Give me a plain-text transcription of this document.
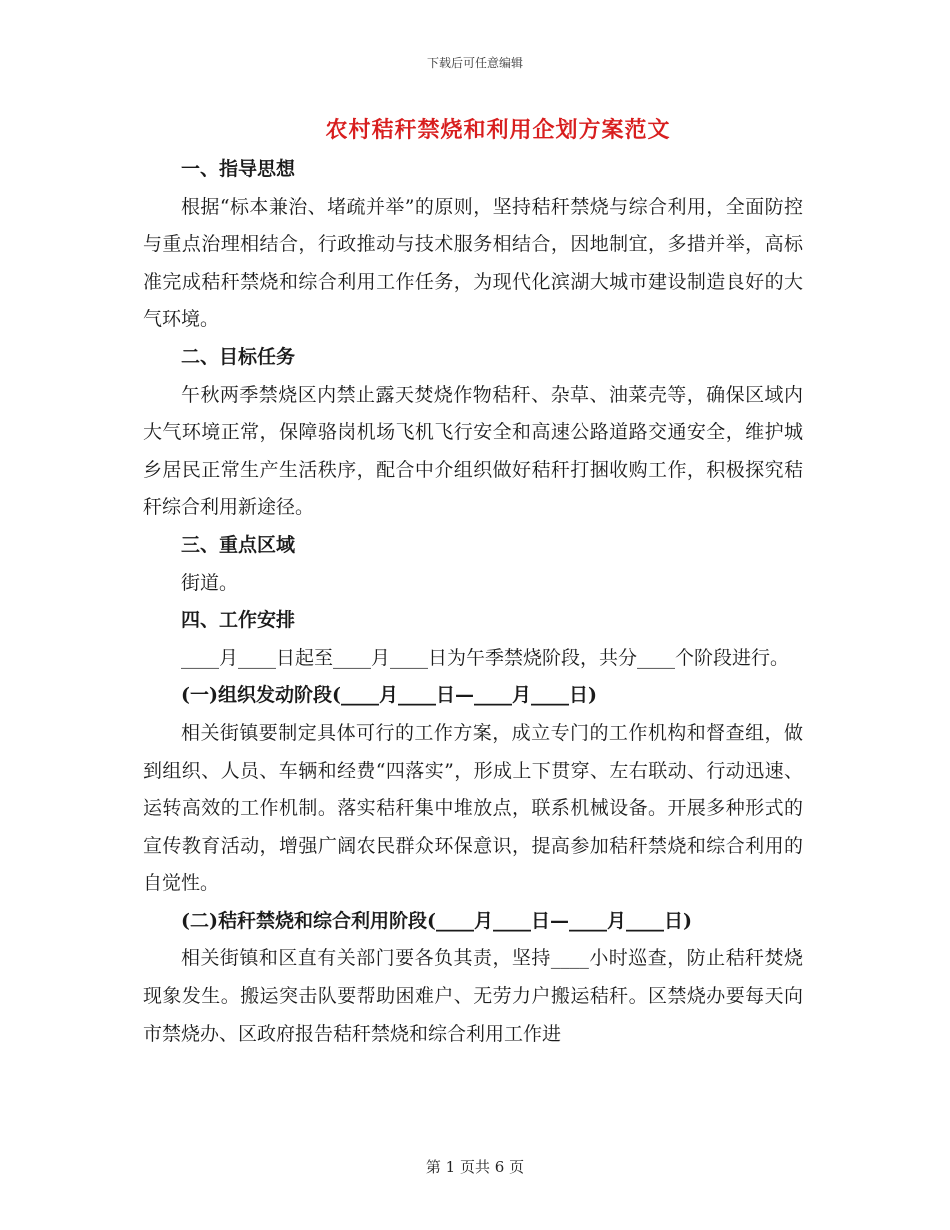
下载后可任意编辑
农村秸秆禁烧和利用企划方案范文
一、指导思想

根据“标本兼治、堵疏并举”的原则，坚持秸秆禁烧与综合利用，全面防控与重点治理相结合，行政推动与技术服务相结合，因地制宜，多措并举，高标准完成秸秆禁烧和综合利用工作任务，为现代化滨湖大城市建设制造良好的大气环境。

二、目标任务

午秋两季禁烧区内禁止露天焚烧作物秸秆、杂草、油菜壳等，确保区域内大气环境正常，保障骆岗机场飞机飞行安全和高速公路道路交通安全，维护城乡居民正常生产生活秩序，配合中介组织做好秸秆打捆收购工作，积极探究秸秆综合利用新途径。

三、重点区域

街道。

四、工作安排

____月____日起至____月____日为午季禁烧阶段，共分____个阶段进行。

(一)组织发动阶段(____月____日—____月____日)

相关街镇要制定具体可行的工作方案，成立专门的工作机构和督查组，做到组织、人员、车辆和经费“四落实”，形成上下贯穿、左右联动、行动迅速、运转高效的工作机制。落实秸秆集中堆放点，联系机械设备。开展多种形式的宣传教育活动，增强广阔农民群众环保意识，提高参加秸秆禁烧和综合利用的自觉性。

(二)秸秆禁烧和综合利用阶段(____月____日—____月____日)

相关街镇和区直有关部门要各负其责，坚持____小时巡查，防止秸秆焚烧现象发生。搬运突击队要帮助困难户、无劳力户搬运秸秆。区禁烧办要每天向市禁烧办、区政府报告秸秆禁烧和综合利用工作进

第 1 页共 6 页
